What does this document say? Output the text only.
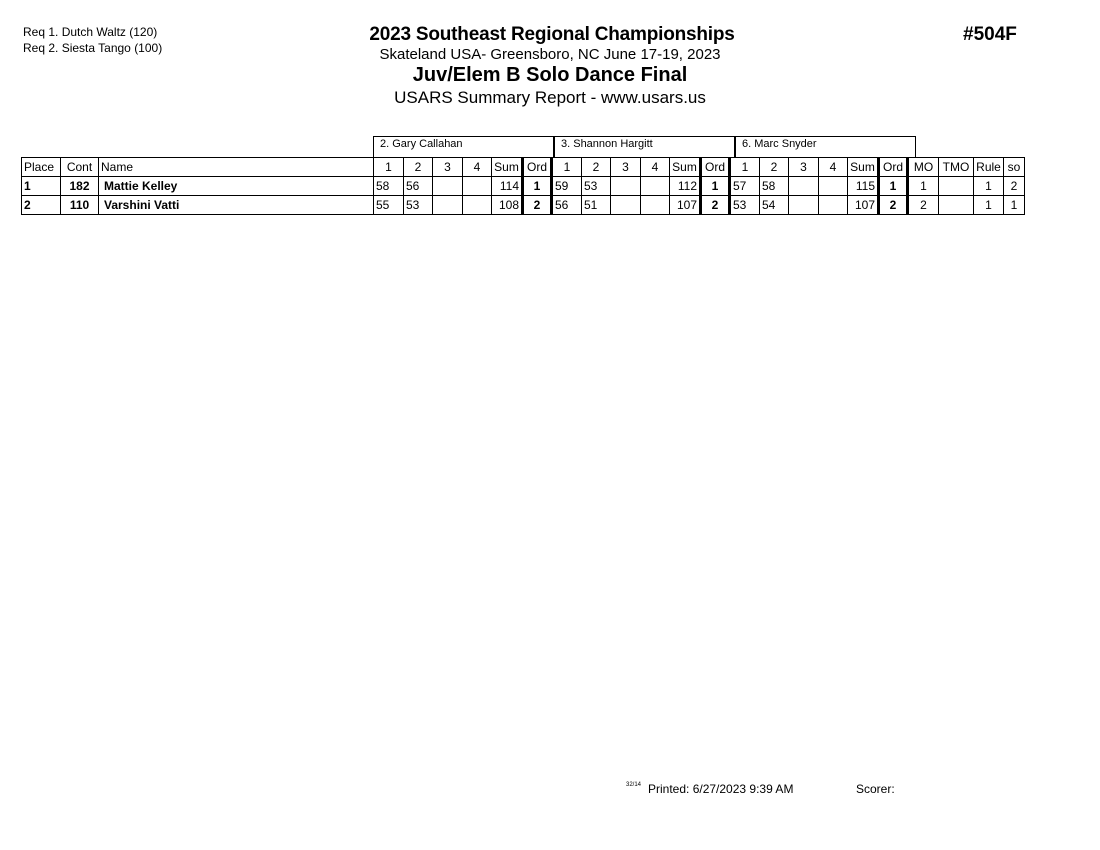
Req 1. Dutch Waltz (120)
Req 2. Siesta Tango (100)
2023 Southeast Regional Championships
Skateland USA- Greensboro, NC June 17-19, 2023
Juv/Elem B Solo Dance Final
USARS Summary Report - www.usars.us
#504F
2. Gary Callahan	3. Shannon Hargitt	6. Marc Snyder
Place	Cont	Name	1	2	3	4	Sum	Ord	1	2	3	4	Sum	Ord	1	2	3	4	Sum	Ord	MO	TMO	Rule	so
1	182	Mattie Kelley	58	56			114	1	59	53			112	1	57	58			115	1	1		1	2
2	110	Varshini Vatti	55	53			108	2	56	51			107	2	53	54			107	2	2		1	1
32/14 Printed: 6/27/2023 9:39 AM	Scorer:
